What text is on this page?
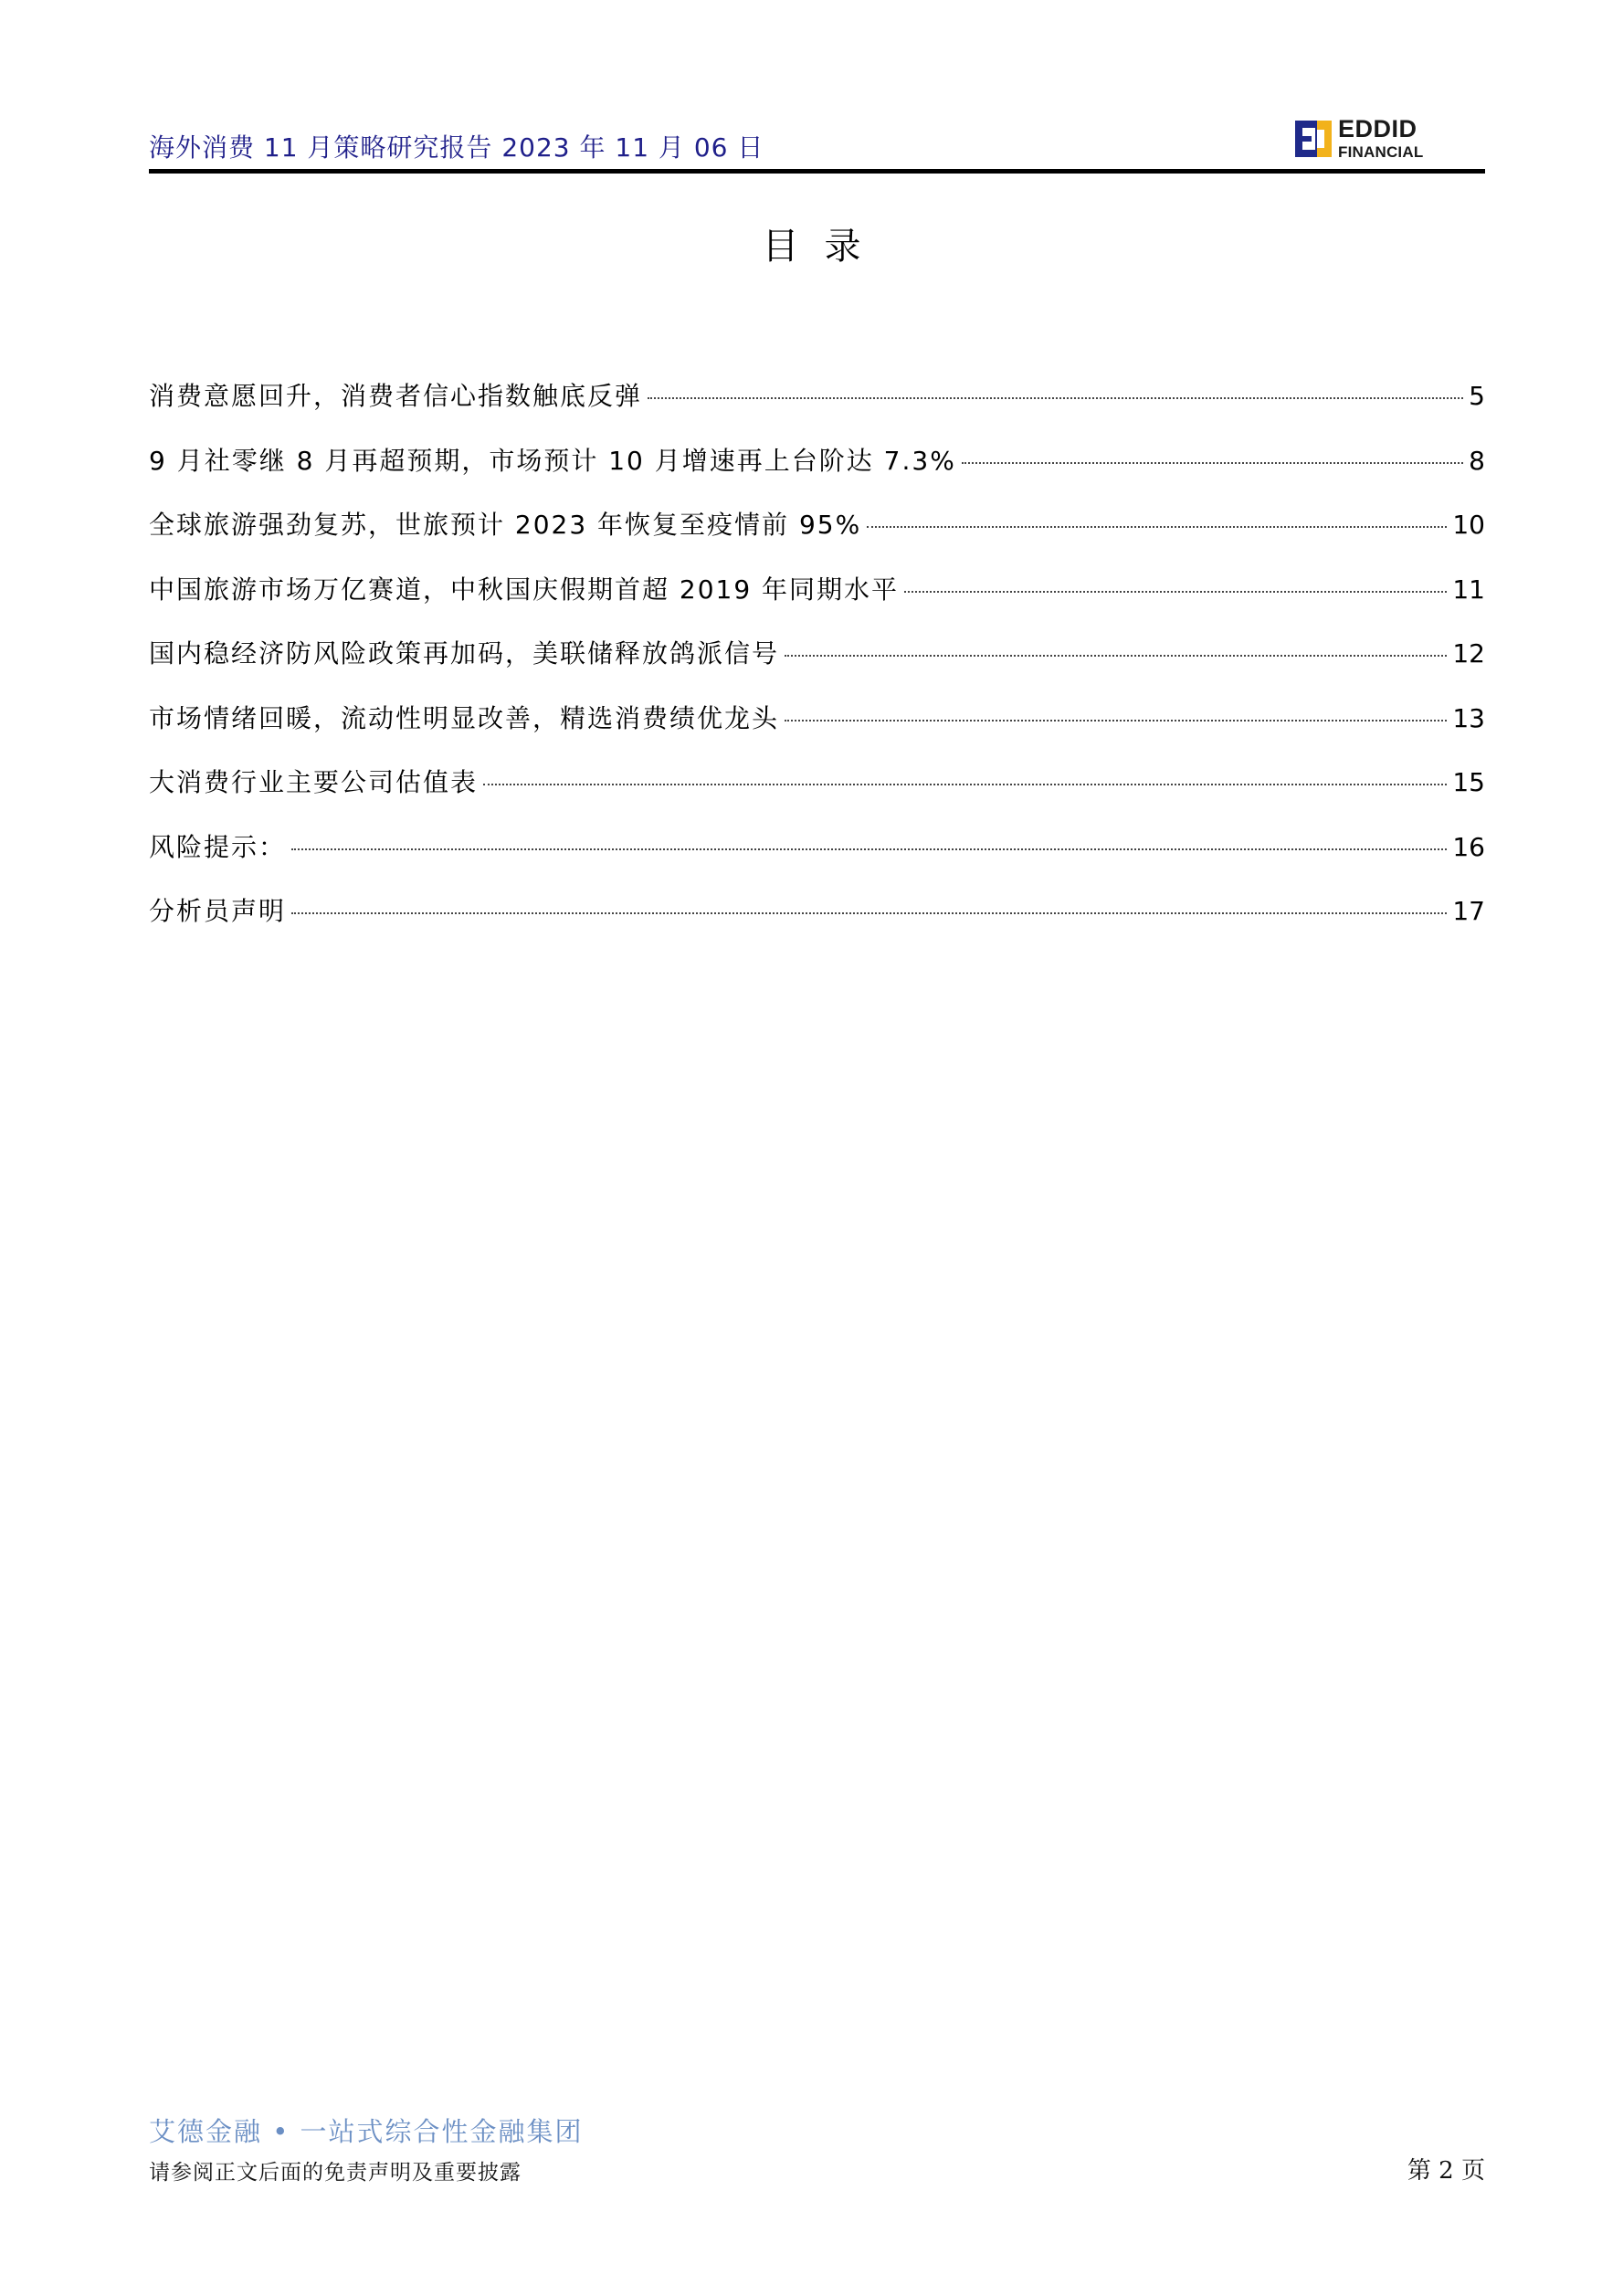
海外消费 11 月策略研究报告 2023 年 11 月 06 日
EDDID
FINANCIAL
目录
消费意愿回升，消费者信心指数触底反弹	5
9 月社零继 8 月再超预期，市场预计 10 月增速再上台阶达 7.3%	8
全球旅游强劲复苏，世旅预计 2023 年恢复至疫情前 95%	10
中国旅游市场万亿赛道，中秋国庆假期首超 2019 年同期水平	11
国内稳经济防风险政策再加码，美联储释放鸽派信号	12
市场情绪回暖，流动性明显改善，精选消费绩优龙头	13
大消费行业主要公司估值表	15
风险提示：	16
分析员声明	17
艾德金融 • 一站式综合性金融集团
请参阅正文后面的免责声明及重要披露	第 2 页
